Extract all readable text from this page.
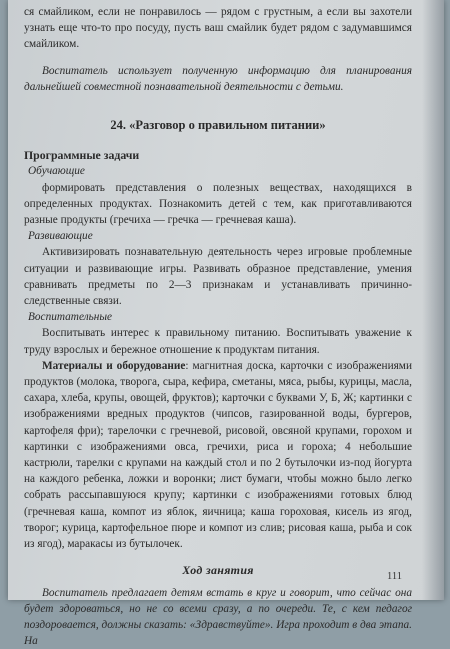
ся смайликом, если не понравилось — рядом с грустным, а если вы захотели узнать еще что-то про посуду, пусть ваш смайлик будет рядом с задумавшимся смайликом.

Воспитатель использует полученную информацию для планирования дальнейшей совместной познавательной деятельности с детьми.

24. «Разговор о правильном питании»
Программные задачи
Обучающие

формировать представления о полезных веществах, находящихся в определенных продуктах. Познакомить детей с тем, как приготавливаются разные продукты (гречиха — гречка — гречневая каша).

Развивающие

Активизировать познавательную деятельность через игровые проблемные ситуации и развивающие игры. Развивать образное представление, умения сравнивать предметы по 2—3 признакам и устанавливать причинно-следственные связи.

Воспитательные

Воспитывать интерес к правильному питанию. Воспитывать уважение к труду взрослых и бережное отношение к продуктам питания.

Материалы и оборудование: магнитная доска, карточки с изображениями продуктов (молока, творога, сыра, кефира, сметаны, мяса, рыбы, курицы, масла, сахара, хлеба, крупы, овощей, фруктов); карточки с буквами У, Б, Ж; картинки с изображениями вредных продуктов (чипсов, газированной воды, бургеров, картофеля фри); тарелочки с гречневой, рисовой, овсяной крупами, горохом и картинки с изображениями овса, гречихи, риса и гороха; 4 небольшие кастрюли, тарелки с крупами на каждый стол и по 2 бутылочки из-под йогурта на каждого ребенка, ложки и воронки; лист бумаги, чтобы можно было легко собрать рассыпавшуюся крупу; картинки с изображениями готовых блюд (гречневая каша, компот из яблок, яичница; каша гороховая, кисель из ягод, творог; курица, картофельное пюре и компот из слив; рисовая каша, рыба и сок из ягод), маракасы из бутылочек.

Ход занятия

Воспитатель предлагает детям встать в круг и говорит, что сейчас она будет здороваться, но не со всеми сразу, а по очереди. Те, с кем педагог поздоровается, должны сказать: «Здравствуйте». Игра проходит в два этапа. На

111
